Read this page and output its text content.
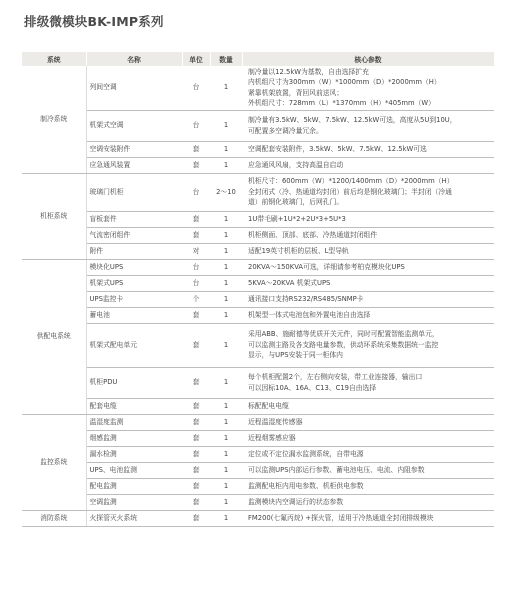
排级微模块BK-IMP系列
系统	名称	单位	数量	核心参数
制冷系统	列间空调	台	1	制冷量以12.5kW为基数，自由选择扩充
内机组尺寸为300mm（W）*1000mm（D）*2000mm（H）
紧靠机架放置，背回风前送风；
外机组尺寸：728mm（L）*1370mm（H）*405mm（W）

	机架式空调	台	1	制冷量有3.5kW、5kW、7.5kW、12.5kW可选，高度从5U到10U，
可配置多空调冷量冗余。

	空调安装附件	套	1	空调配套安装附件，3.5kW、5kW、7.5kW、12.5kW可选

	应急通风装置	套	1	应急通风风扇，支持高温自启动

机柜系统	玻璃门机柜	台	2～10	机柜尺寸：600mm（W）*1200/1400mm（D）*2000mm（H）
全封闭式（冷、热通道均封闭）前后均是钢化玻璃门；半封闭（冷通
道）前钢化玻璃门，后网孔门。

	盲板套件	套	1	1U带毛刷+1U*2+2U*3+5U*3

	气流密闭组件	套	1	机柜侧面、顶部、底部、冷热通道封闭组件

	附件	对	1	适配19英寸机柜的层板、L型导轨

供配电系统	模块化UPS	台	1	20KVA～150KVA可选，详细请参考柏克模块化UPS

	机架式UPS	台	1	5KVA～20KVA 机架式UPS

	UPS监控卡	个	1	通讯接口支持RS232/RS485/SNMP卡

	蓄电池	套	1	机架型一体式电池包和外置电池自由选择

	机架式配电单元	套	1	采用ABB、施耐德等优质开关元件，同时可配置智能监测单元，
可以监测主路及各支路电量参数，供动环系统采集数据统一监控
显示，与UPS安装于同一柜体内

	机柜PDU	套	1	每个机柜配置2个，左右侧向安装，带工业连接器，输出口
可以因标10A、16A、C13、C19自由选择

	配套电缆	套	1	标配配电电缆

监控系统	温湿度监测	套	1	近程温湿度传感器

	烟感监测	套	1	近程烟雾感应器

	漏水检测	套	1	定位或不定位漏水监测系统，自带电源

	UPS、电池监测	套	1	可以监测UPS内部运行参数、蓄电池电压、电流、内阻参数

	配电监测	套	1	监测配电柜内用电参数、机柜供电参数

	空调监测	套	1	监测模块内空调运行的状态参数

消防系统	火探管灭火系统	套	1	FM200(七氟丙烷) +探火管，适用于冷热通道全封闭排级模块
